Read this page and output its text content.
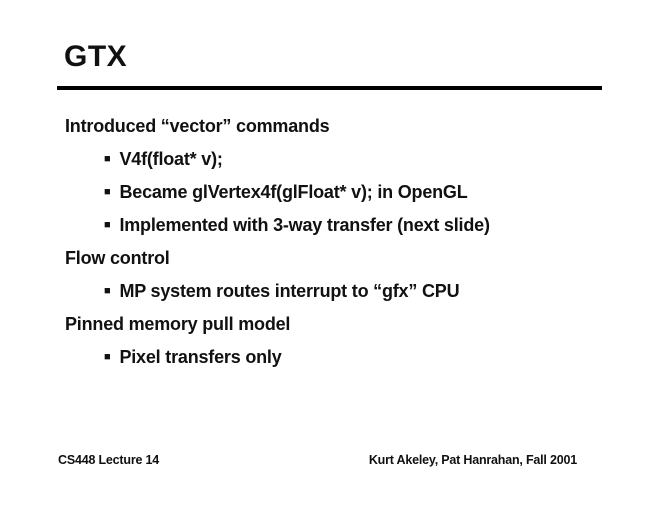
GTX
Introduced “vector” commands
■ V4f(float* v);
■ Became glVertex4f(glFloat* v); in OpenGL
■ Implemented with 3-way transfer (next slide)
Flow control
■ MP system routes interrupt to “gfx” CPU
Pinned memory pull model
■ Pixel transfers only
CS448 Lecture 14	Kurt Akeley, Pat Hanrahan, Fall 2001
